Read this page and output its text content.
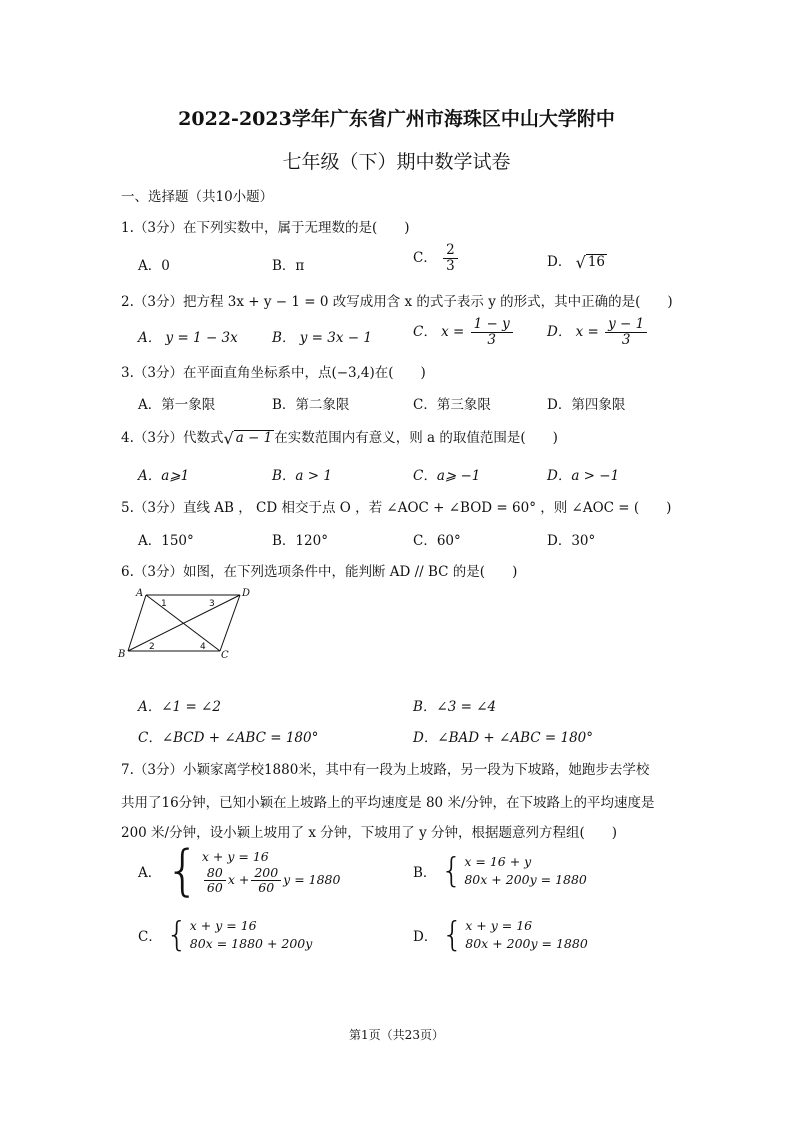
2022-2023学年广东省广州市海珠区中山大学附中
七年级（下）期中数学试卷
一、选择题（共10小题）
1.（3分）在下列实数中，属于无理数的是(　　)
A．0	B．π
C． $\frac{2}{3}$	D． √ 16
2.（3分）把方程 3x + y − 1 = 0 改写成用含 x 的式子表示 y 的形式，其中正确的是(　　)
A． y = 1 − 3x	B． y = 3x − 1	C． $x = \frac{1 - y}{3}$	D． $x = \frac{y - 1}{3}$
3.（3分）在平面直角坐标系中，点(−3,4)在(　　)
A．第一象限	B．第二象限	C．第三象限	D．第四象限
4.（3分）代数式 √ a − 1 在实数范围内有意义，则 a 的取值范围是(　　)
A．a⩾1	B．a > 1	C．a⩾ −1	D．a > −1
5.（3分）直线 AB ， CD 相交于点 O ，若 ∠AOC + ∠BOD = 60° ，则 ∠AOC = (　　)
A．150°	B．120°	C．60°	D．30°
6.（3分）如图，在下列选项条件中，能判断 AD // BC 的是(　　)
A
B	C
D
1
2
3
4
A．∠1 = ∠2	B．∠3 = ∠4
C．∠BCD + ∠ABC = 180°	D．∠BAD + ∠ABC = 180°
7.（3分）小颖家离学校1880米，其中有一段为上坡路，另一段为下坡路，她跑步去学校
共用了16分钟，已知小颖在上坡路上的平均速度是 80 米/分钟，在下坡路上的平均速度是
200 米/分钟，设小颖上坡用了 x 分钟，下坡用了 y 分钟，根据题意列方程组(　　)
A． { x + y = 16
$\frac{80}{60}$ $x + \frac{200}{60}$ y = 1880	B． { x = 16 + y
80x + 200y = 1880
C． { x + y = 16
80x = 1880 + 200y	D． { x + y = 16
80x + 200y = 1880
第1页（共23页）
